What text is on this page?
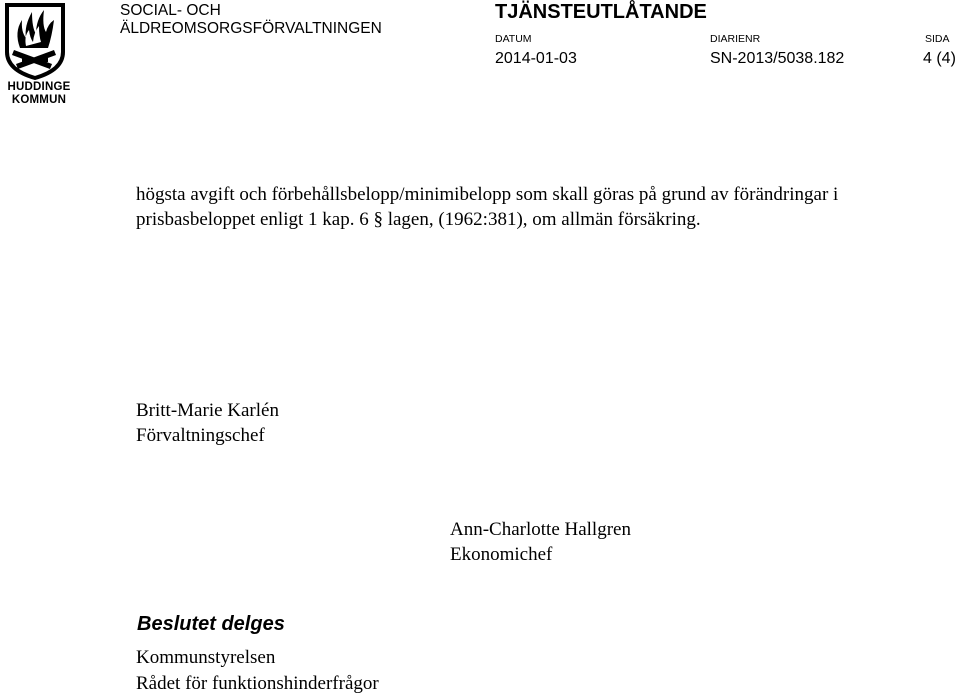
HUDDINGE
KOMMUN
SOCIAL- OCH
ÄLDREOMSORGSFÖRVALTNINGEN
TJÄNSTEUTLÅTANDE
DATUM	DIARIENR	SIDA
2014-01-03	SN-2013/5038.182	4 (4)
högsta avgift och förbehållsbelopp/minimibelopp som skall göras på grund av förändringar i prisbasbeloppet enligt 1 kap. 6 § lagen, (1962:381), om allmän försäkring.
Britt-Marie Karlén
Förvaltningschef
Ann-Charlotte Hallgren
Ekonomichef
Beslutet delges
Kommunstyrelsen
Rådet för funktionshinderfrågor
